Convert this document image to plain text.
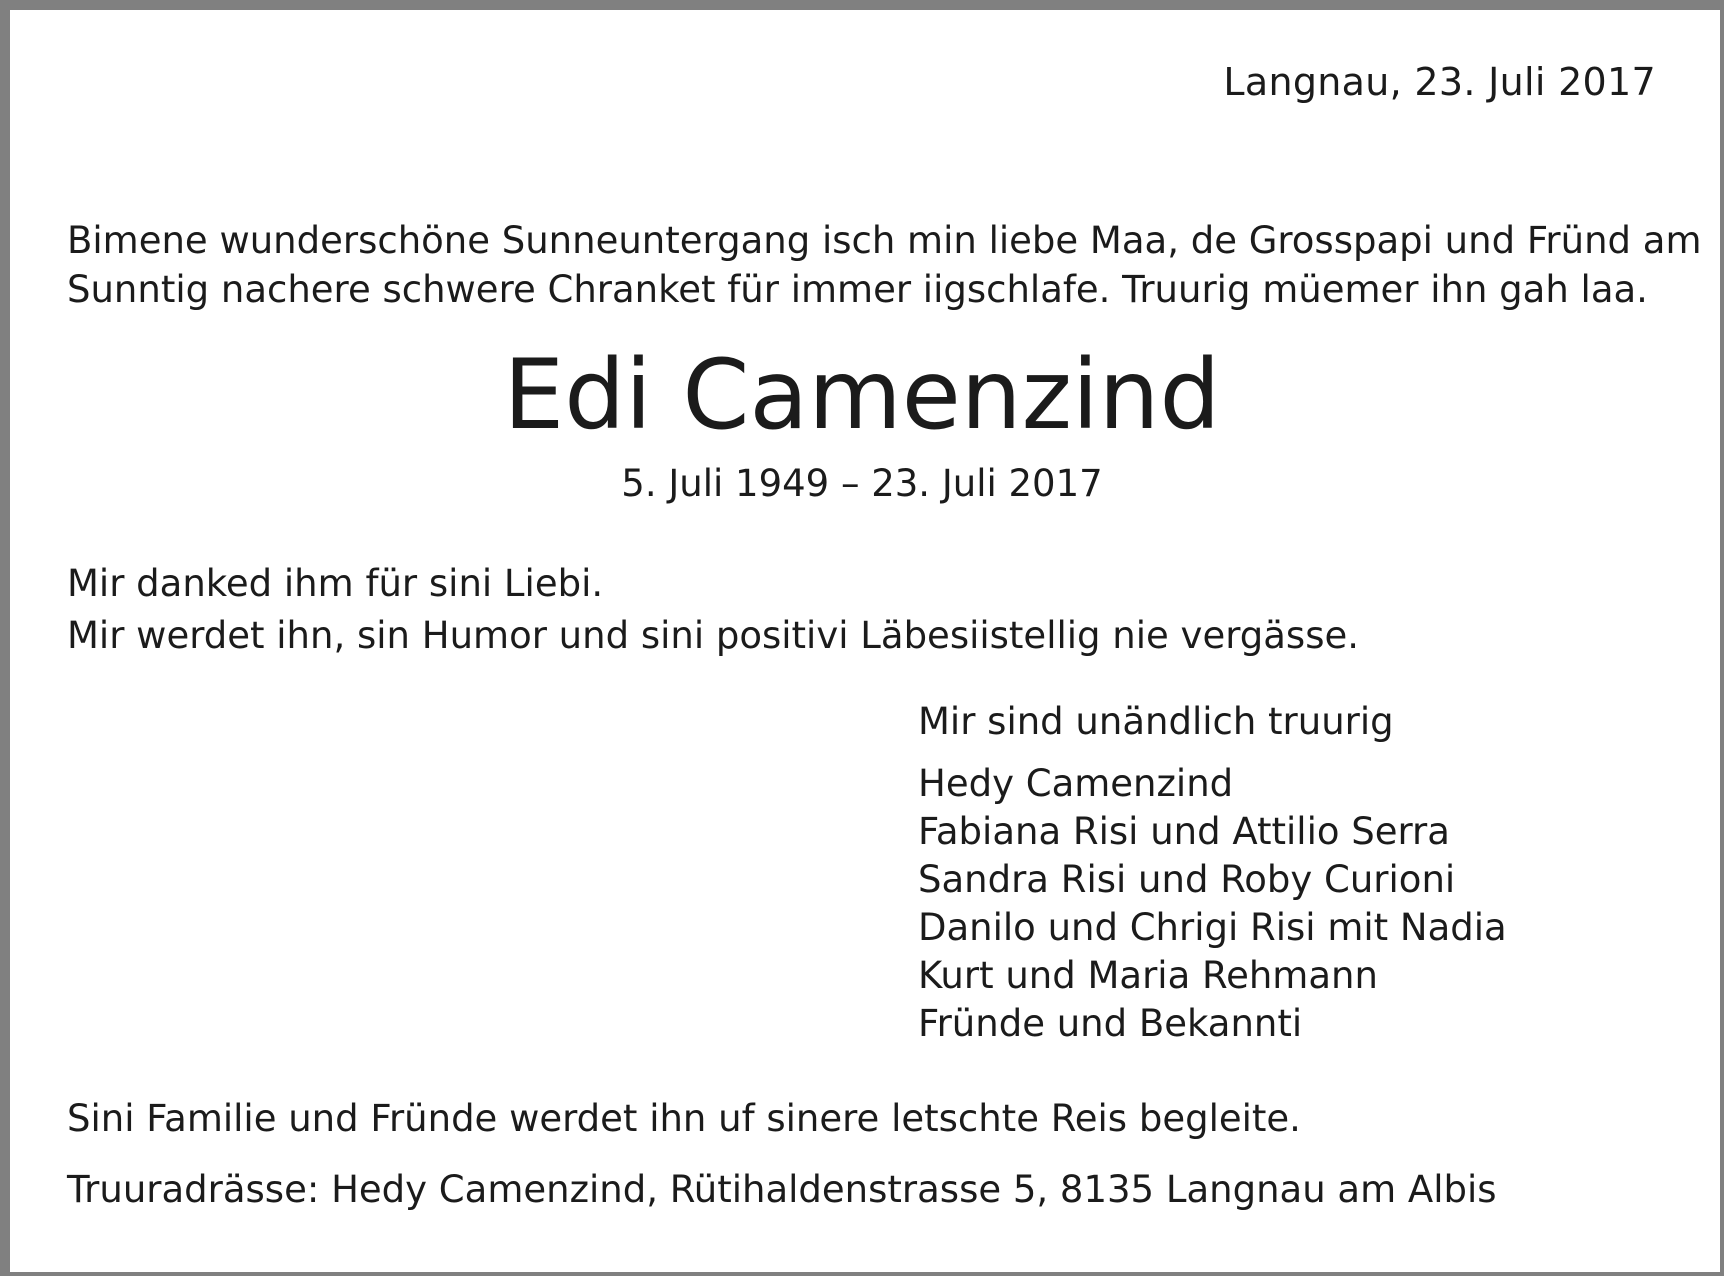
Langnau, 23. Juli 2017
Bimene wunderschöne Sunneuntergang isch min liebe Maa, de Grosspapi und Fründ am
Sunntig nachere schwere Chranket für immer iigschlafe. Truurig müemer ihn gah laa.
Edi Camenzind
5. Juli 1949 – 23. Juli 2017
Mir danked ihm für sini Liebi.
Mir werdet ihn, sin Humor und sini positivi Läbesiistellig nie vergässe.
Mir sind unändlich truurig
Hedy Camenzind
Fabiana Risi und Attilio Serra
Sandra Risi und Roby Curioni
Danilo und Chrigi Risi mit Nadia
Kurt und Maria Rehmann
Fründe und Bekannti
Sini Familie und Fründe werdet ihn uf sinere letschte Reis begleite.
Truuradrässe: Hedy Camenzind, Rütihaldenstrasse 5, 8135 Langnau am Albis
